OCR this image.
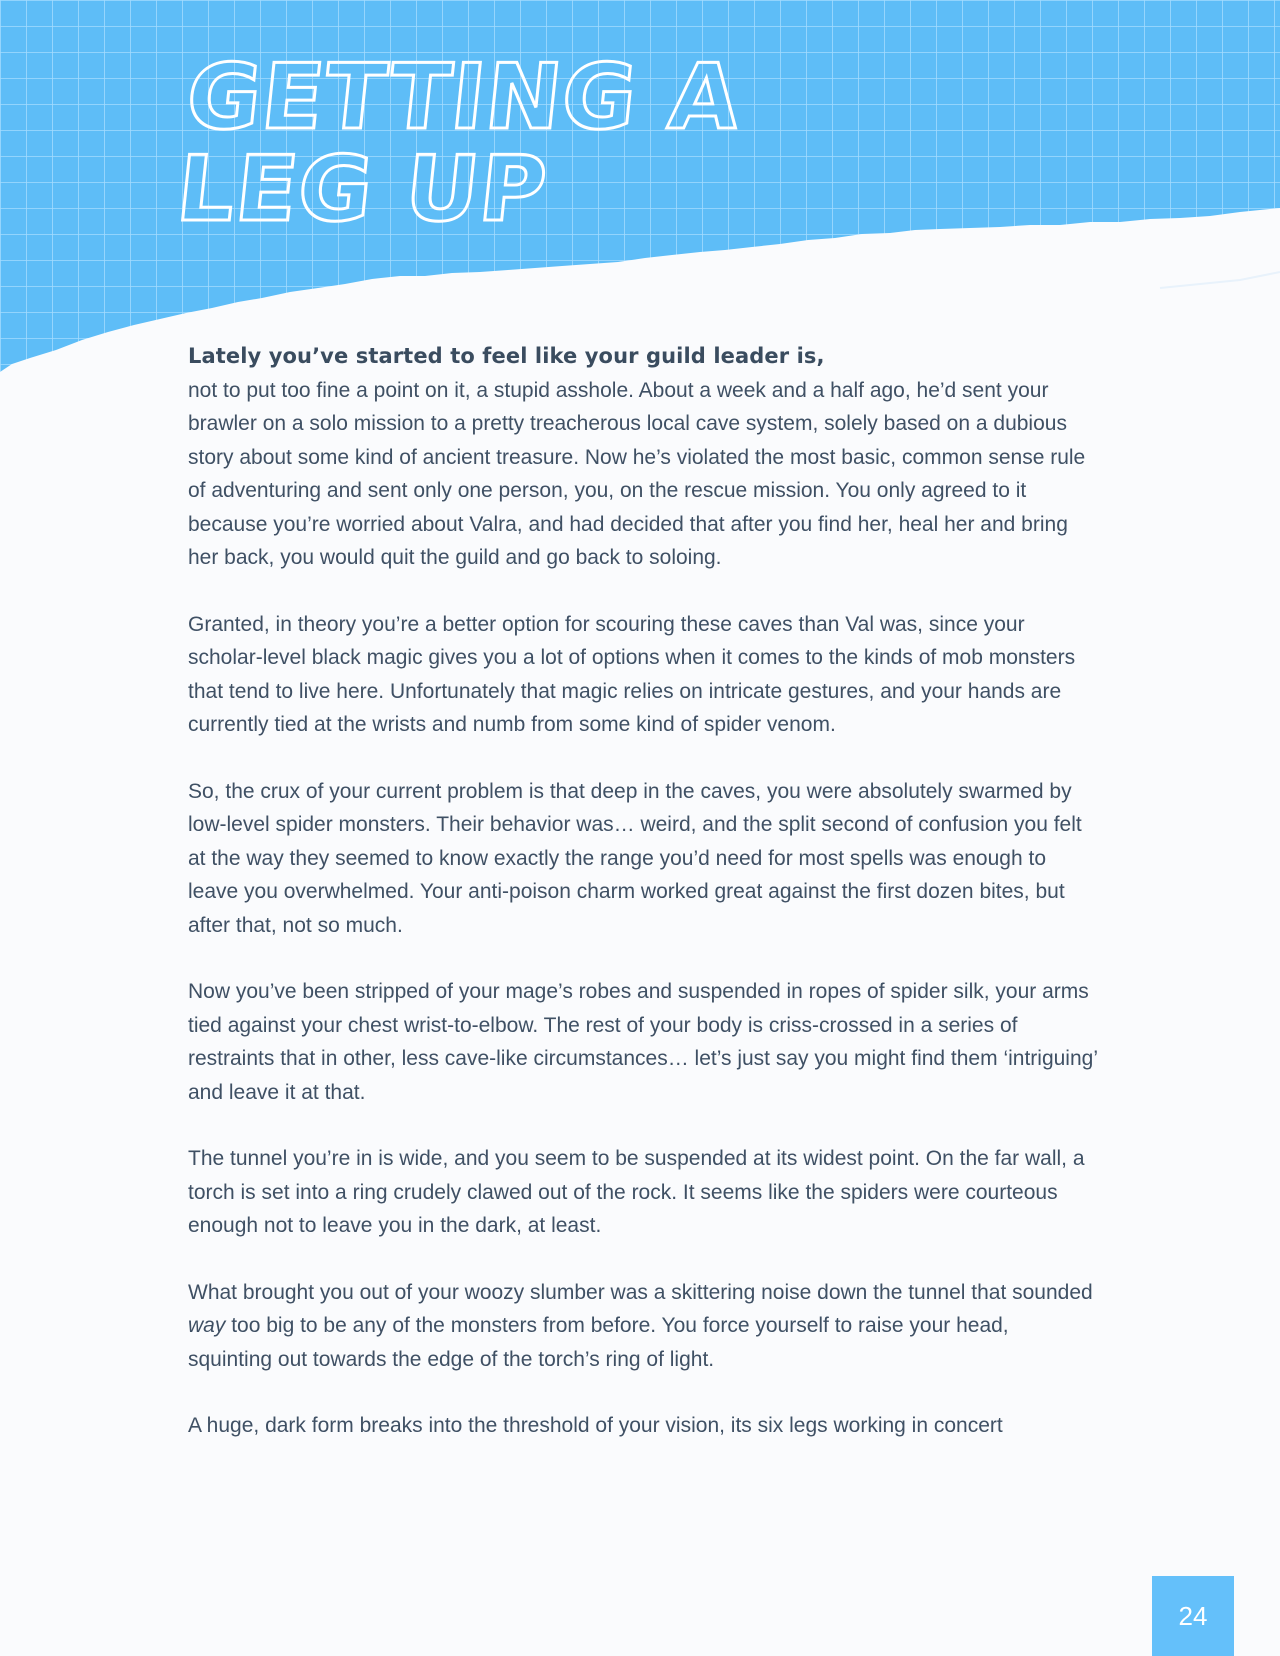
GETTING A
LEG UP

Lately you’ve started to feel like your guild leader is,
not to put too fine a point on it, a stupid asshole. About a week and a half ago, he’d sent your brawler on a solo mission to a pretty treacherous local cave system, solely based on a dubious story about some kind of ancient treasure. Now he’s violated the most basic, common sense rule of adventuring and sent only one person, you, on the rescue mission. You only agreed to it because you’re worried about Valra, and had decided that after you find her, heal her and bring her back, you would quit the guild and go back to soloing.

Granted, in theory you’re a better option for scouring these caves than Val was, since your scholar-level black magic gives you a lot of options when it comes to the kinds of mob monsters that tend to live here. Unfortunately that magic relies on intricate gestures, and your hands are currently tied at the wrists and numb from some kind of spider venom.

So, the crux of your current problem is that deep in the caves, you were absolutely swarmed by low-level spider monsters. Their behavior was… weird, and the split second of confusion you felt at the way they seemed to know exactly the range you’d need for most spells was enough to leave you overwhelmed. Your anti-poison charm worked great against the first dozen bites, but after that, not so much.

Now you’ve been stripped of your mage’s robes and suspended in ropes of spider silk, your arms tied against your chest wrist-to-elbow. The rest of your body is criss-crossed in a series of restraints that in other, less cave-like circumstances… let’s just say you might find them ‘intriguing’ and leave it at that.

The tunnel you’re in is wide, and you seem to be suspended at its widest point. On the far wall, a torch is set into a ring crudely clawed out of the rock. It seems like the spiders were courteous enough not to leave you in the dark, at least.

What brought you out of your woozy slumber was a skittering noise down the tunnel that sounded way too big to be any of the monsters from before. You force yourself to raise your head, squinting out towards the edge of the torch’s ring of light.

A huge, dark form breaks into the threshold of your vision, its six legs working in concert

24
